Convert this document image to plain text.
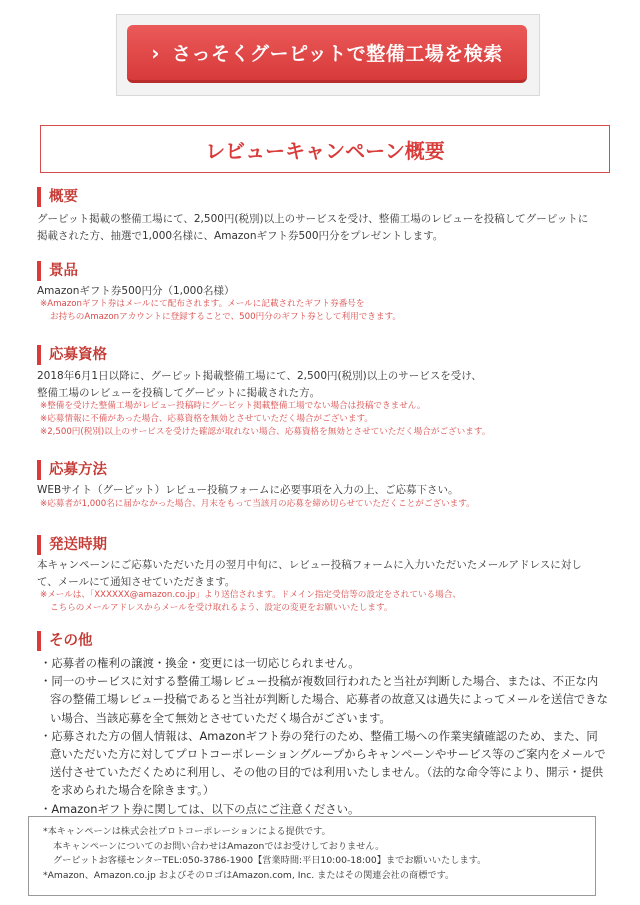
› さっそくグーピットで整備工場を検索
レビューキャンペーン概要
概要
グーピット掲載の整備工場にて、2,500円(税別)以上のサービスを受け、整備工場のレビューを投稿してグーピットに
掲載された方、抽選で1,000名様に、Amazonギフト券500円分をプレゼントします。
景品
Amazonギフト券500円分（1,000名様）
※Amazonギフト券はメールにて配布されます。メールに記載されたギフト券番号を
お持ちのAmazonアカウントに登録することで、500円分のギフト券として利用できます。
応募資格
2018年6月1日以降に、グーピット掲載整備工場にて、2,500円(税別)以上のサービスを受け、
整備工場のレビューを投稿してグーピットに掲載された方。
※整備を受けた整備工場がレビュー投稿時にグーピット掲載整備工場でない場合は投稿できません。
※応募情報に不備があった場合、応募資格を無効とさせていただく場合がございます。
※2,500円(税別)以上のサービスを受けた確認が取れない場合、応募資格を無効とさせていただく場合がございます。
応募方法
WEBサイト（グーピット）レビュー投稿フォームに必要事項を入力の上、ご応募下さい。
※応募者が1,000名に届かなかった場合、月末をもって当該月の応募を締め切らせていただくことがございます。
発送時期
本キャンペーンにご応募いただいた月の翌月中旬に、レビュー投稿フォームに入力いただいたメールアドレスに対し
て、メールにて通知させていただきます。
※メールは、「XXXXXX@amazon.co.jp」より送信されます。ドメイン指定受信等の設定をされている場合、
こちらのメールアドレスからメールを受け取れるよう、設定の変更をお願いいたします。
その他
・応募者の権利の譲渡・換金・変更には一切応じられません。
・同一のサービスに対する整備工場レビュー投稿が複数回行われたと当社が判断した場合、または、不正な内容の整備工場レビュー投稿であると当社が判断した場合、応募者の故意又は過失によってメールを送信できない場合、当該応募を全て無効とさせていただく場合がございます。
・応募された方の個人情報は、Amazonギフト券の発行のため、整備工場への作業実績確認のため、また、同意いただいた方に対してプロトコーポレーショングループからキャンペーンやサービス等のご案内をメールで送付させていただくために利用し、その他の目的では利用いたしません。（法的な命令等により、開示・提供を求められた場合を除きます。）
・Amazonギフト券に関しては、以下の点にご注意ください。
*本キャンペーンは株式会社プロトコーポレーションによる提供です。
本キャンペーンについてのお問い合わせはAmazonではお受けしておりません。
グーピットお客様センターTEL:050-3786-1900【営業時間:平日10:00-18:00】までお願いいたします。
*Amazon、Amazon.co.jp およびそのロゴはAmazon.com, Inc. またはその関連会社の商標です。
